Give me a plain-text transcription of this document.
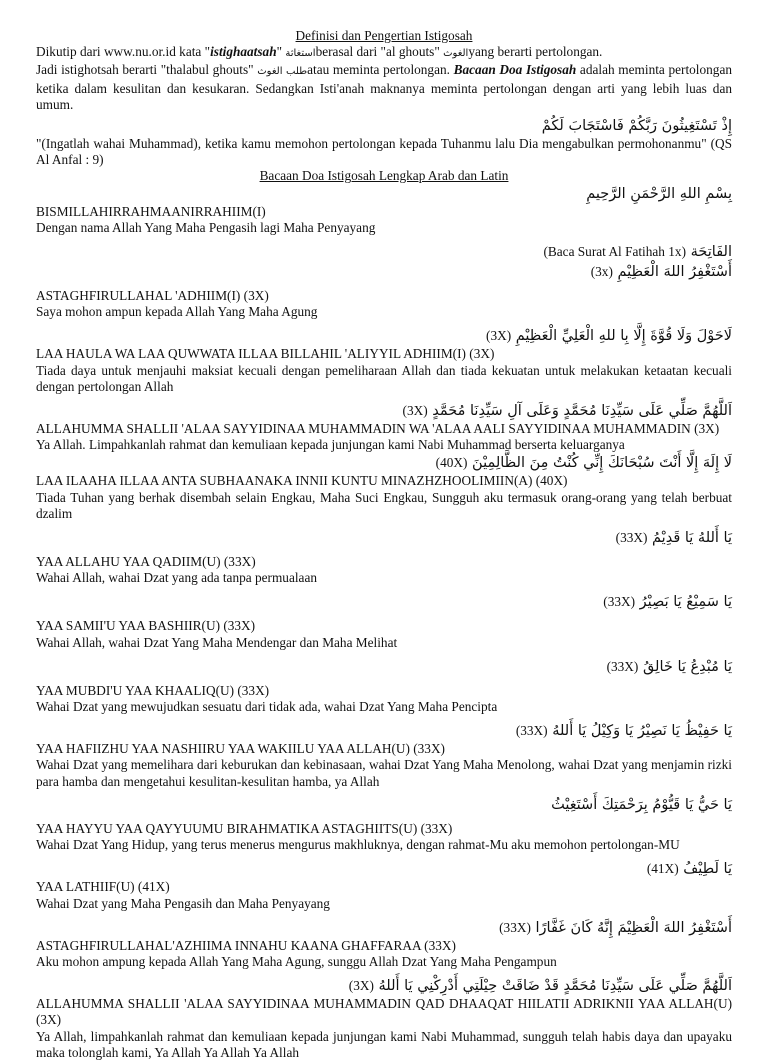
Definisi dan Pengertian Istigosah

Dikutip dari www.nu.or.id kata "istighaatsah" استغاثةberasal dari "al ghouts" الغوثyang berarti pertolongan.

Jadi istighotsah berarti "thalabul ghouts" طلب الغوثatau meminta pertolongan. Bacaan Doa Istigosah adalah meminta pertolongan ketika dalam kesulitan dan kesukaran. Sedangkan Isti'anah maknanya meminta pertolongan dengan arti yang lebih luas dan umum.

إِذْ تَسْتَغِيثُونَ رَبَّكُمْ فَاسْتَجَابَ لَكُمْ

"(Ingatlah wahai Muhammad), ketika kamu memohon pertolongan kepada Tuhanmu lalu Dia mengabulkan permohonanmu" (QS Al Anfal : 9)

Bacaan Doa Istigosah Lengkap Arab dan Latin

بِسْمِ اللهِ الرَّحْمَنِ الرَّحِيمِ

BISMILLAHIRRAHMAANIRRAHIIM(I)

Dengan nama Allah Yang Maha Pengasih lagi Maha Penyayang

الفَاتِحَة (Baca Surat Al Fatihah 1x)

أَسْتَغْفِرُ اللهَ الْعَظِيْمِ (3x)

ASTAGHFIRULLAHAL 'ADHIIM(I) (3X)

Saya mohon ampun kepada Allah Yang Maha Agung

لَاحَوْلَ وَلَا قُوَّةَ إِلَّا بِا للهِ الْعَلِيِّ الْعَظِيْمِ (3X)

LAA HAULA WA LAA QUWWATA ILLAA BILLAHIL 'ALIYYIL ADHIIM(I) (3X)

Tiada daya untuk menjauhi maksiat kecuali dengan pemeliharaan Allah dan tiada kekuatan untuk melakukan ketaatan kecuali dengan pertolongan Allah

اَللَّهُمَّ صَلِّي عَلَى سَيِّدِنَا مُحَمَّدٍ وَعَلَى آلِ سَيِّدِنَا مُحَمَّدٍ (3X)

ALLAHUMMA SHALLII 'ALAA SAYYIDINAA MUHAMMADIN WA 'ALAA AALI SAYYIDINAA MUHAMMADIN (3X)

Ya Allah. Limpahkanlah rahmat dan kemuliaan kepada junjungan kami Nabi Muhammad berserta keluarganya

لَا إِلَهَ إِلَّا أَنْتَ سُبْحَانَكَ إِنِّي كُنْتُ مِنَ الظَّالِمِيْنَ (40X)

LAA ILAAHA ILLAA ANTA SUBHAANAKA INNII KUNTU MINAZHZHOOLIMIIN(A) (40X)

Tiada Tuhan yang berhak disembah selain Engkau, Maha Suci Engkau, Sungguh aku termasuk orang-orang yang telah berbuat dzalim

يَا أَللهُ يَا قَدِيْمُ (33X)

YAA ALLAHU YAA QADIIM(U) (33X)

Wahai Allah, wahai Dzat yang ada tanpa permualaan

يَا سَمِيْعُ يَا بَصِيْرُ (33X)

YAA SAMII'U YAA BASHIIR(U) (33X)

Wahai Allah, wahai Dzat Yang Maha Mendengar dan Maha Melihat

يَا مُبْدِعُ يَا خَالِقُ (33X)

YAA MUBDI'U YAA KHAALIQ(U) (33X)

Wahai Dzat yang mewujudkan sesuatu dari tidak ada, wahai Dzat Yang Maha Pencipta

يَا حَفِيْظُ يَا نَصِيْرُ يَا وَكِيْلُ يَا أَللهُ (33X)

YAA HAFIIZHU YAA NASHIIRU YAA WAKIILU YAA ALLAH(U) (33X)

Wahai Dzat yang memelihara dari keburukan dan kebinasaan, wahai Dzat Yang Maha Menolong, wahai Dzat yang menjamin rizki para hamba dan mengetahui kesulitan-kesulitan hamba, ya Allah

يَا حَيُّ يَا قَيُّوْمُ بِرَحْمَتِكَ أَسْتَغِيْثُ

YAA HAYYU YAA QAYYUUMU BIRAHMATIKA ASTAGHIITS(U) (33X)

Wahai Dzat Yang Hidup, yang terus menerus mengurus makhluknya, dengan rahmat-Mu aku memohon pertolongan-MU

يَا لَطِيْفُ (41X)

YAA LATHIIF(U) (41X)

Wahai Dzat yang Maha Pengasih dan Maha Penyayang

أَسْتَغْفِرُ اللهَ الْعَظِيْمَ إِنَّهُ كَانَ غَفَّارًا (33X)

ASTAGHFIRULLAHAL'AZHIIMA INNAHU KAANA GHAFFARAA (33X)

Aku mohon ampung kepada Allah Yang Maha Agung, sunggu Allah Dzat Yang Maha Pengampun

اَللَّهُمَّ صَلِّي عَلَى سَيِّدِنَا مُحَمَّدٍ قَدْ ضَاقَتْ حِيْلَتِي أَدْرِكْنِي يَا أَللهُ (3X)

ALLAHUMMA SHALLII 'ALAA SAYYIDINAA MUHAMMADIN QAD DHAAQAT HIILATII ADRIKNII YAA ALLAH(U) (3X)

Ya Allah, limpahkanlah rahmat dan kemuliaan kepada junjungan kami Nabi Muhammad, sungguh telah habis daya dan upayaku maka tolonglah kami, Ya Allah Ya Allah Ya Allah
